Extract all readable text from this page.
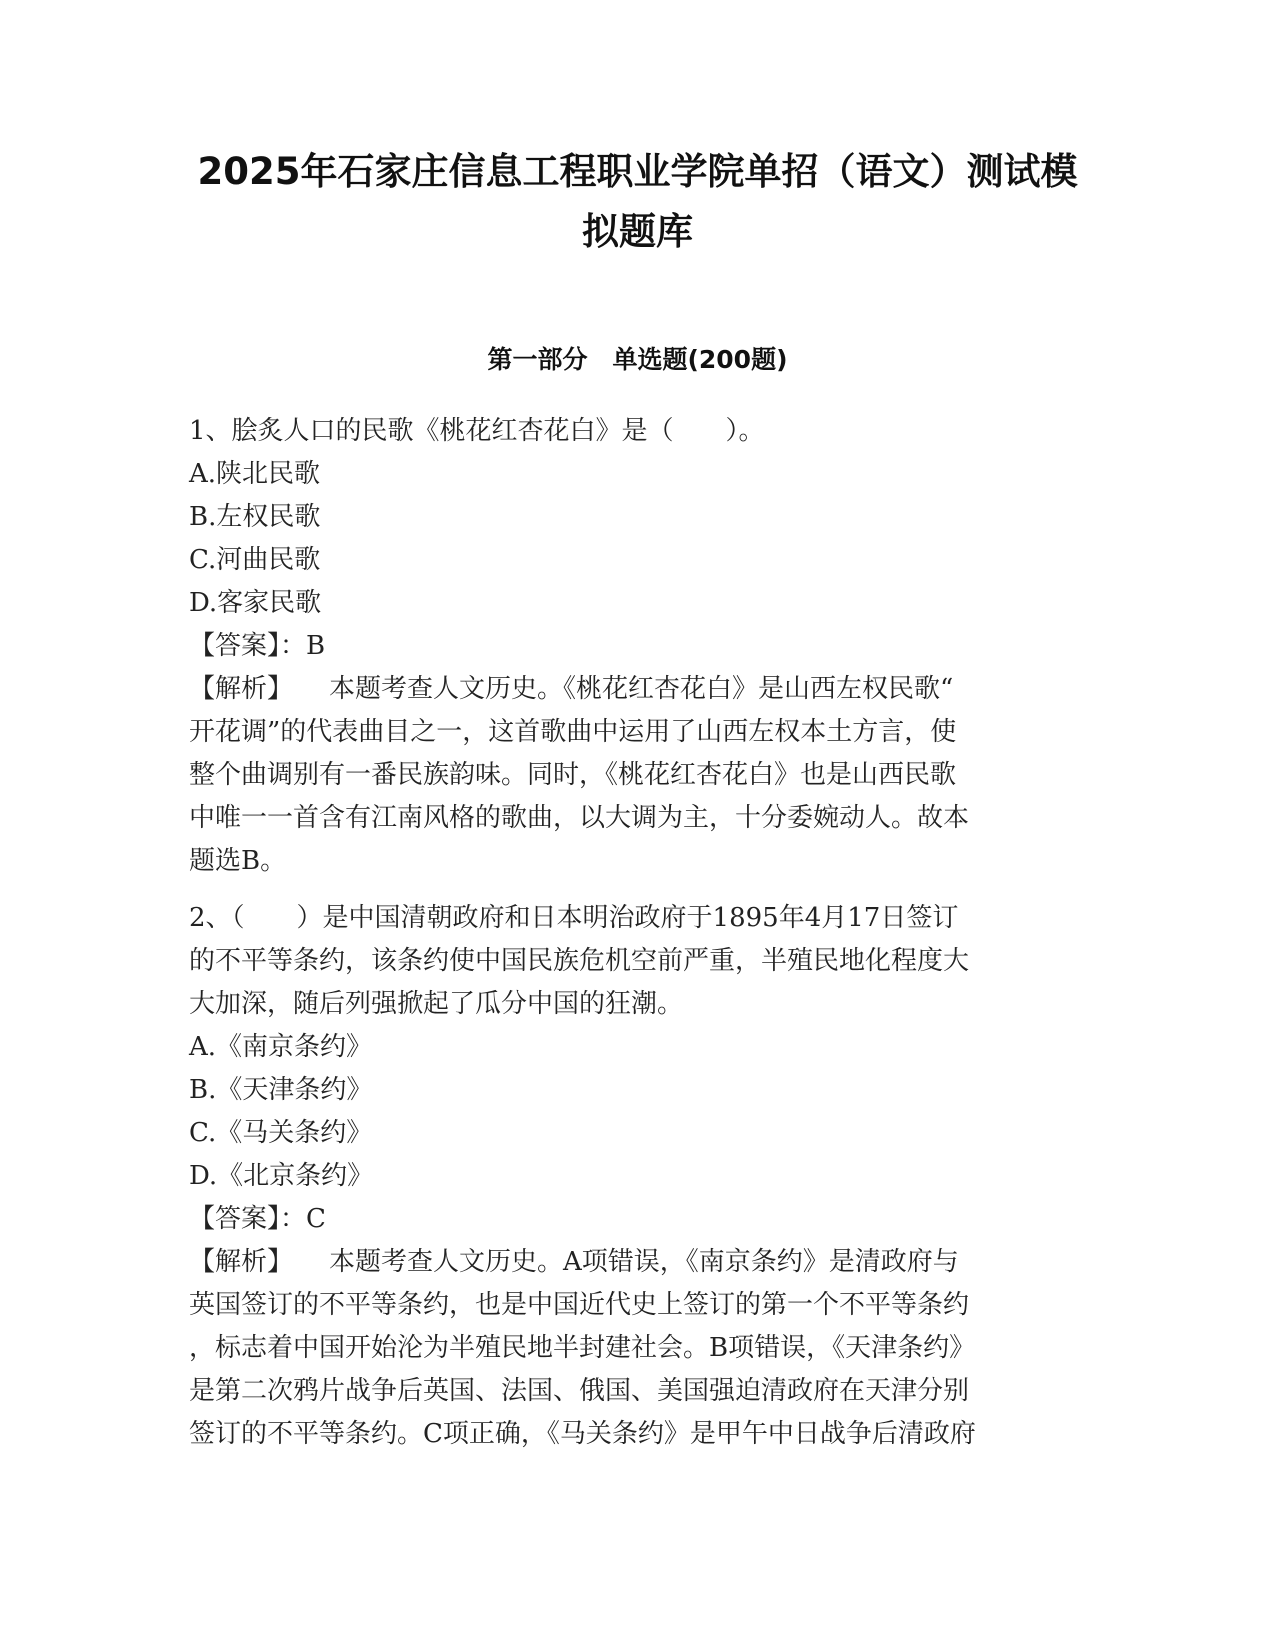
2025年石家庄信息工程职业学院单招（语文）测试模
拟题库
第一部分　单选题(200题)
1、脍炙人口的民歌《桃花红杏花白》是（　　）。
A.陕北民歌
B.左权民歌
C.河曲民歌
D.客家民歌
【答案】：B
【解析】 本题考查人文历史。《桃花红杏花白》是山西左权民歌“
开花调”的代表曲目之一，这首歌曲中运用了山西左权本土方言，使
整个曲调别有一番民族韵味。同时，《桃花红杏花白》也是山西民歌
中唯一一首含有江南风格的歌曲，以大调为主，十分委婉动人。故本
题选B。
2、（　　）是中国清朝政府和日本明治政府于1895年4月17日签订
的不平等条约，该条约使中国民族危机空前严重，半殖民地化程度大
大加深，随后列强掀起了瓜分中国的狂潮。
A.《南京条约》
B.《天津条约》
C.《马关条约》
D.《北京条约》
【答案】：C
【解析】 本题考查人文历史。A项错误，《南京条约》是清政府与
英国签订的不平等条约，也是中国近代史上签订的第一个不平等条约
，标志着中国开始沦为半殖民地半封建社会。B项错误，《天津条约》
是第二次鸦片战争后英国、法国、俄国、美国强迫清政府在天津分别
签订的不平等条约。C项正确，《马关条约》是甲午中日战争后清政府
